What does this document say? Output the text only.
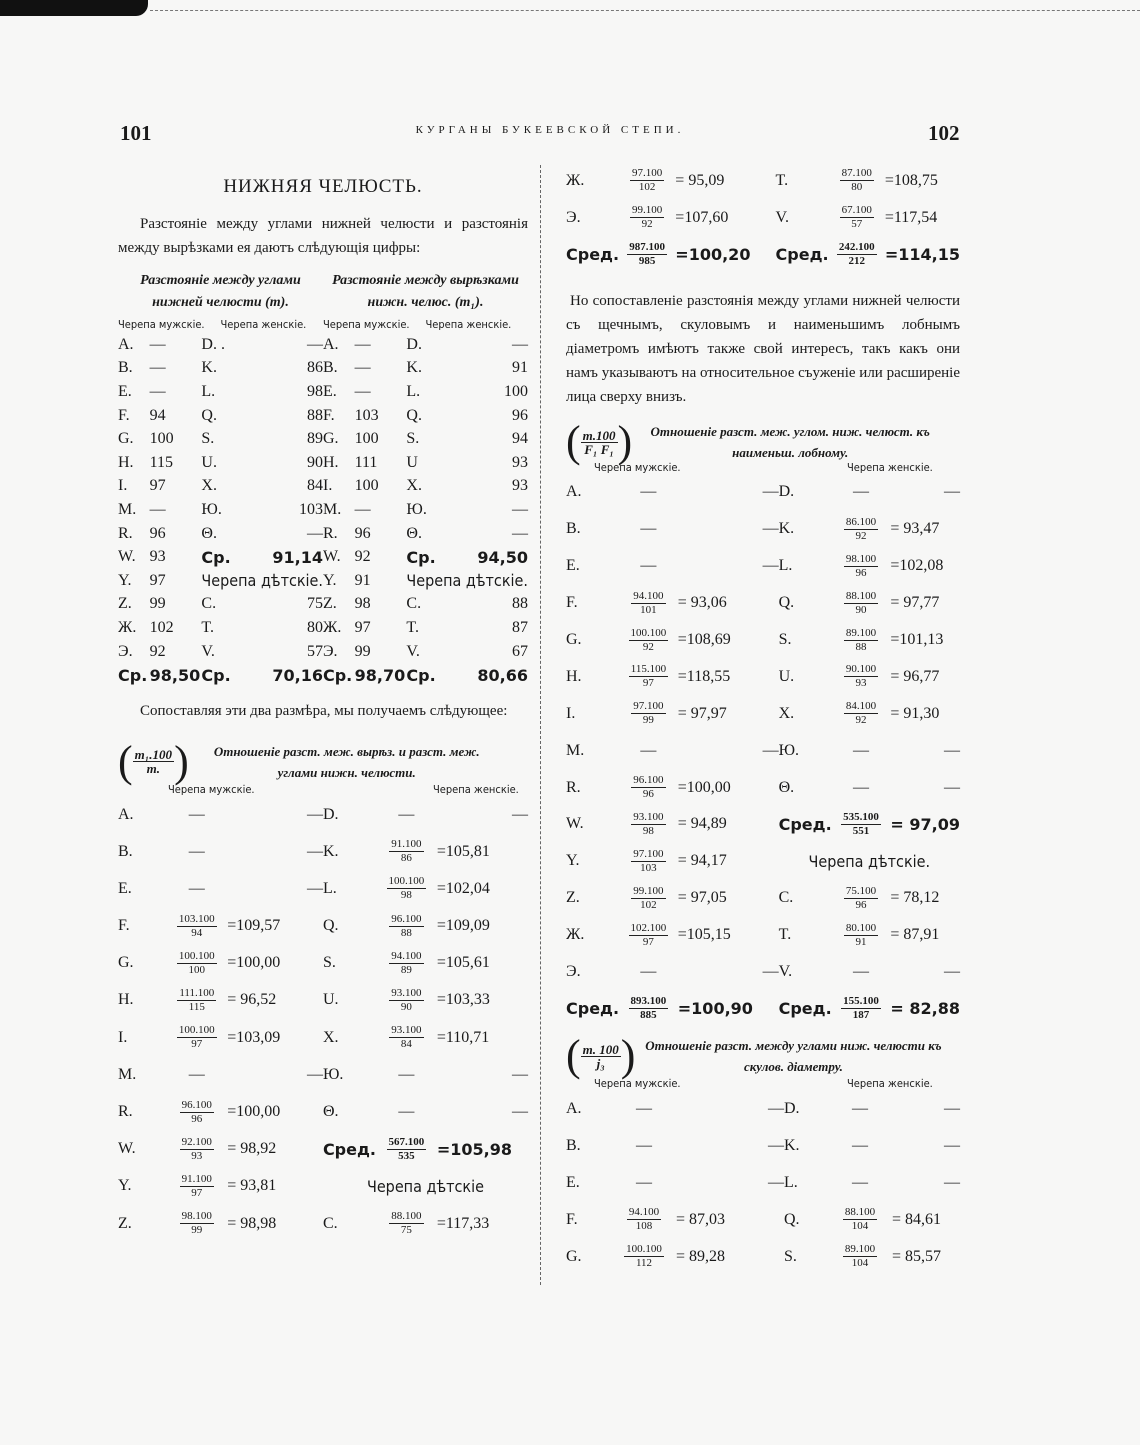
101	КУРГАНЫ БУКЕЕВСКОЙ СТЕПИ.	102
НИЖНЯЯ ЧЕЛЮСТЬ.
Разстояніе между углами нижней челюсти и разстоянія между вырѣзками ея даютъ слѣдующія цифры:
Разстояніе между углами нижней челюсти (m).
Разстояніе между вырѣзками нижн. челюс. (m₁).
Черепа мужскіе.	Черепа женскіе.	Черепа мужскіе.	Черепа женскіе.
A.	—	D. .	—	A.	—	D.	—
B.	—	K.	86	B.	—	K.	91
E.	—	L.	98	E.	—	L.	100
F.	94	Q.	88	F.	103	Q.	96
G.	100	S.	89	G.	100	S.	94
H.	115	U.	90	H.	111	U	93
I.	97	X.	84	I.	100	X.	93
M.	—	Ю.	103	M.	—	Ю.	—
R.	96	Θ.	—	R.	96	Θ.	—
W.	93	Ср.	91,14	W.	92	Ср.	94,50
Y.	97	Черепа дѣтскіе.		Y.	91	Черепа дѣтскіе.	
Z.	99	C.	75	Z.	98	C.	88
Ж.	102	T.	80	Ж.	97	T.	87
Э.	92	V.	57	Э.	99	V.	67
Ср.	98,50	Ср.	70,16	Ср.	98,70	Ср.	80,66
Сопоставляя эти два размѣра, мы получаемъ слѣдующее:
( $\frac{\text{m₁.100}}{m.}$ )	Отношеніе разст. меж. вырѣз. и разст. меж. углами нижн. челюсти.
Черепа мужскіе.	Черепа женскіе.
A.	—	—	D.	—	—
B.	—	—	K.	$\frac{91.100}{86}$	=105,81
E.	—	—	L.	$\frac{100.100}{98}$	=102,04
F.	$\frac{103.100}{94}$	=109,57	Q.	$\frac{96.100}{88}$	=109,09
G.	$\frac{100.100}{100}$	=100,00	S.	$\frac{94.100}{89}$	=105,61
H.	$\frac{111.100}{115}$	= 96,52	U.	$\frac{93.100}{90}$	=103,33
I.	$\frac{100.100}{97}$	=103,09	X.	$\frac{93.100}{84}$	=110,71
M.	—	—	Ю.	—	—
R.	$\frac{96.100}{96}$	=100,00	Θ.	—	—
W.	$\frac{92.100}{93}$	= 98,92	Сред.	$\frac{567.100}{535}$	=105,98
Y.	$\frac{91.100}{97}$	= 93,81	Черепа дѣтскіе		
Z.	$\frac{98.100}{99}$	= 98,98	C.	$\frac{88.100}{75}$	=117,33
Ж.	$\frac{97.100}{102}$	= 95,09	T.	$\frac{87.100}{80}$	=108,75
Э.	$\frac{99.100}{92}$	=107,60	V.	$\frac{67.100}{57}$	=117,54
Сред.	$\frac{987.100}{985}$	=100,20	Сред.	$\frac{242.100}{212}$	=114,15
Но сопоставленіе разстоянія между углами нижней челюсти съ щечнымъ, скуловымъ и наименьшимъ лобнымъ діаметромъ имѣютъ также свой интересъ, такъ какъ они намъ указываютъ на относительное съуженіе или расширеніе лица сверху внизъ.
( $\frac{m.100}{\text{F₁ F₁}}$ )	Отношеніе разст. меж. углом. ниж. челюст. къ наименьш. лобному.
Черепа мужскіе.	Черепа женскіе.
A.	—	—	D.	—	—
B.	—	—	K.	$\frac{86.100}{92}$	= 93,47
E.	—	—	L.	$\frac{98.100}{96}$	=102,08
F.	$\frac{94.100}{101}$	= 93,06	Q.	$\frac{88.100}{90}$	= 97,77
G.	$\frac{100.100}{92}$	=108,69	S.	$\frac{89.100}{88}$	=101,13
H.	$\frac{115.100}{97}$	=118,55	U.	$\frac{90.100}{93}$	= 96,77
I.	$\frac{97.100}{99}$	= 97,97	X.	$\frac{84.100}{92}$	= 91,30
M.	—	—	Ю.	—	—
R.	$\frac{96.100}{96}$	=100,00	Θ.	—	—
W.	$\frac{93.100}{98}$	= 94,89	Сред.	$\frac{535.100}{551}$	= 97,09
Y.	$\frac{97.100}{103}$	= 94,17	Черепа дѣтскіе.		
Z.	$\frac{99.100}{102}$	= 97,05	C.	$\frac{75.100}{96}$	= 78,12
Ж.	$\frac{102.100}{97}$	=105,15	T.	$\frac{80.100}{91}$	= 87,91
Э.	—	—	V.	—	—
Сред.	$\frac{893.100}{885}$	=100,90	Сред.	$\frac{155.100}{187}$	= 82,88
( $\frac{m. 100}{\text{j₃}}$ ) Отношеніе разст. между углами ниж. челюсти къ скулов. діаметру.
Черепа мужскіе.	Черепа женскіе.
A.	—	—	D.	—	—
B.	—	—	K.	—	—
E.	—	—	L.	—	—
F.	$\frac{94.100}{108}$	= 87,03	Q.	$\frac{88.100}{104}$	= 84,61
G.	$\frac{100.100}{112}$	= 89,28	S.	$\frac{89.100}{104}$	= 85,57
